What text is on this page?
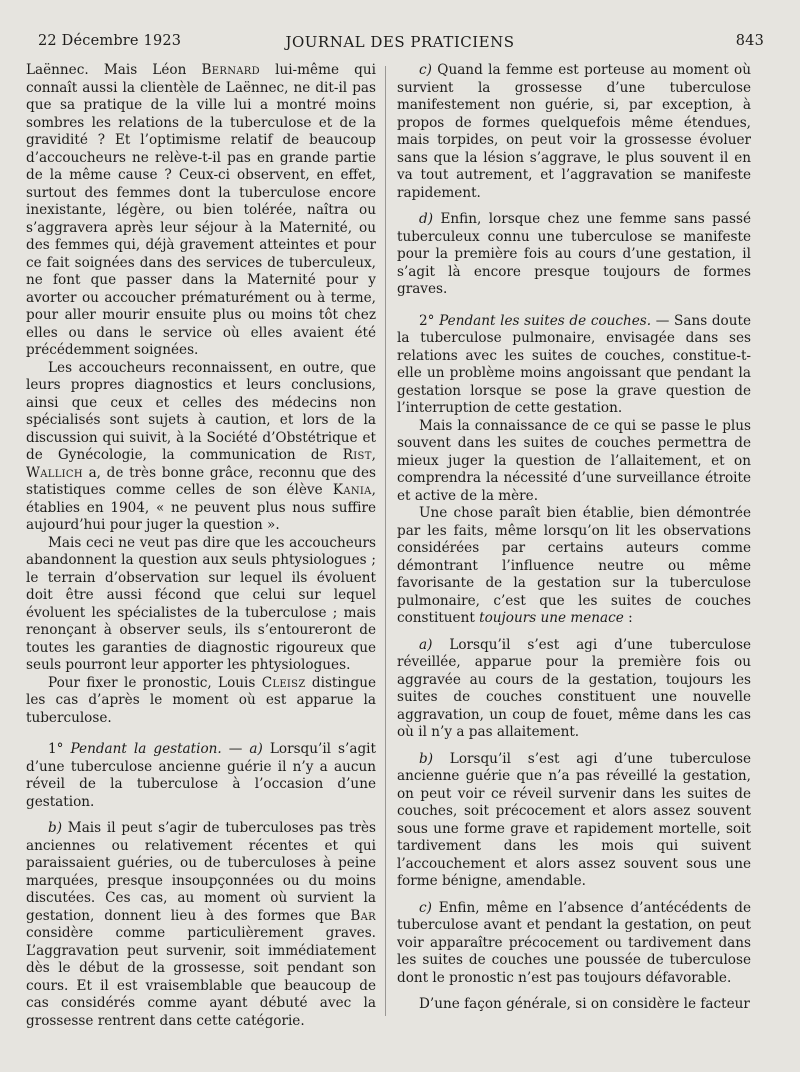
22 Décembre 1923	JOURNAL DES PRATICIENS	843

Laënnec. Mais Léon Bernard lui-même qui connaît aussi la clientèle de Laënnec, ne dit-il pas que sa pratique de la ville lui a montré moins sombres les relations de la tuberculose et de la gravidité ? Et l’optimisme relatif de beaucoup d’accoucheurs ne relève-t-il pas en grande partie de la même cause ? Ceux-ci observent, en effet, surtout des femmes dont la tuberculose encore inexistante, légère, ou bien tolérée, naîtra ou s’aggravera après leur séjour à la Maternité, ou des femmes qui, déjà gravement atteintes et pour ce fait soignées dans des services de tuberculeux, ne font que passer dans la Maternité pour y avorter ou accoucher prématurément ou à terme, pour aller mourir ensuite plus ou moins tôt chez elles ou dans le service où elles avaient été précédemment soignées.

Les accoucheurs reconnaissent, en outre, que leurs propres diagnostics et leurs conclusions, ainsi que ceux et celles des médecins non spécialisés sont sujets à caution, et lors de la discussion qui suivit, à la Société d’Obstétrique et de Gynécologie, la communication de Rist, Wallich a, de très bonne grâce, reconnu que des statistiques comme celles de son élève Kania, établies en 1904, « ne peuvent plus nous suffire aujourd’hui pour juger la question ».

Mais ceci ne veut pas dire que les accoucheurs abandonnent la question aux seuls phtysiologues ; le terrain d’observation sur lequel ils évoluent doit être aussi fécond que celui sur lequel évoluent les spécialistes de la tuberculose ; mais renonçant à observer seuls, ils s’entoureront de toutes les garanties de diagnostic rigoureux que seuls pourront leur apporter les phtysiologues.

Pour fixer le pronostic, Louis Cleisz distingue les cas d’après le moment où est apparue la tuberculose.

1° Pendant la gestation. — a) Lorsqu’il s’agit d’une tuberculose ancienne guérie il n’y a aucun réveil de la tuberculose à l’occasion d’une gestation.

b) Mais il peut s’agir de tuberculoses pas très anciennes ou relativement récentes et qui paraissaient guéries, ou de tuberculoses à peine marquées, presque insoupçonnées ou du moins discutées. Ces cas, au moment où survient la gestation, donnent lieu à des formes que Bar considère comme particulièrement graves. L’aggravation peut survenir, soit immédiatement dès le début de la grossesse, soit pendant son cours. Et il est vraisemblable que beaucoup de cas considérés comme ayant débuté avec la grossesse rentrent dans cette catégorie.

c) Quand la femme est porteuse au moment où survient la grossesse d’une tuberculose manifestement non guérie, si, par exception, à propos de formes quelquefois même étendues, mais torpides, on peut voir la grossesse évoluer sans que la lésion s’aggrave, le plus souvent il en va tout autrement, et l’aggravation se manifeste rapidement.

d) Enfin, lorsque chez une femme sans passé tuberculeux connu une tuberculose se manifeste pour la première fois au cours d’une gestation, il s’agit là encore presque toujours de formes graves.

2° Pendant les suites de couches. — Sans doute la tuberculose pulmonaire, envisagée dans ses relations avec les suites de couches, constitue-t-elle un problème moins angoissant que pendant la gestation lorsque se pose la grave question de l’interruption de cette gestation.

Mais la connaissance de ce qui se passe le plus souvent dans les suites de couches permettra de mieux juger la question de l’allaitement, et on comprendra la nécessité d’une surveillance étroite et active de la mère.

Une chose paraît bien établie, bien démontrée par les faits, même lorsqu’on lit les observations considérées par certains auteurs comme démontrant l’influence neutre ou même favorisante de la gestation sur la tuberculose pulmonaire, c’est que les suites de couches constituent toujours une menace :

a) Lorsqu’il s’est agi d’une tuberculose réveillée, apparue pour la première fois ou aggravée au cours de la gestation, toujours les suites de couches constituent une nouvelle aggravation, un coup de fouet, même dans les cas où il n’y a pas allaitement.

b) Lorsqu’il s’est agi d’une tuberculose ancienne guérie que n’a pas réveillé la gestation, on peut voir ce réveil survenir dans les suites de couches, soit précocement et alors assez souvent sous une forme grave et rapidement mortelle, soit tardivement dans les mois qui suivent l’accouchement et alors assez souvent sous une forme bénigne, amendable.

c) Enfin, même en l’absence d’antécédents de tuberculose avant et pendant la gestation, on peut voir apparaître précocement ou tardivement dans les suites de couches une poussée de tuberculose dont le pronostic n’est pas toujours défavorable.

D’une façon générale, si on considère le facteur
